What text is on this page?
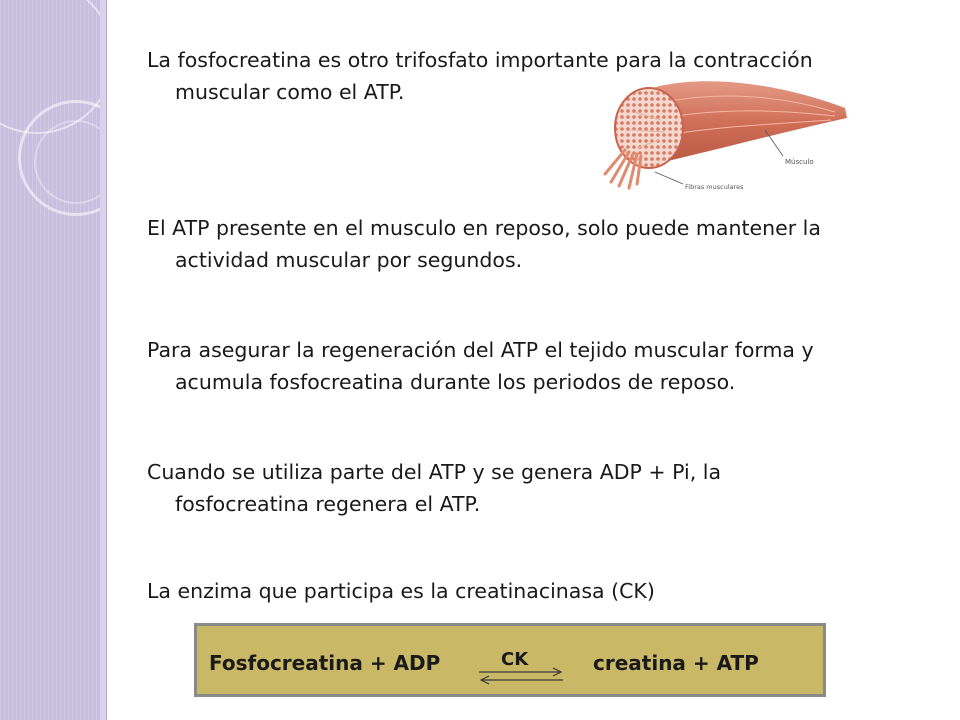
La fosfocreatina es otro trifosfato importante para la contracción
muscular como el ATP.

Músculo
Fibras musculares

El ATP presente en el musculo en reposo, solo puede mantener la
actividad muscular por segundos.

Para asegurar la regeneración del ATP el tejido muscular forma y
acumula fosfocreatina durante los periodos de reposo.

Cuando se utiliza parte del ATP y se genera ADP + Pi, la
fosfocreatina regenera el ATP.

La enzima que participa es la creatinacinasa (CK)

Fosfocreatina + ADP	CK	creatina + ATP
